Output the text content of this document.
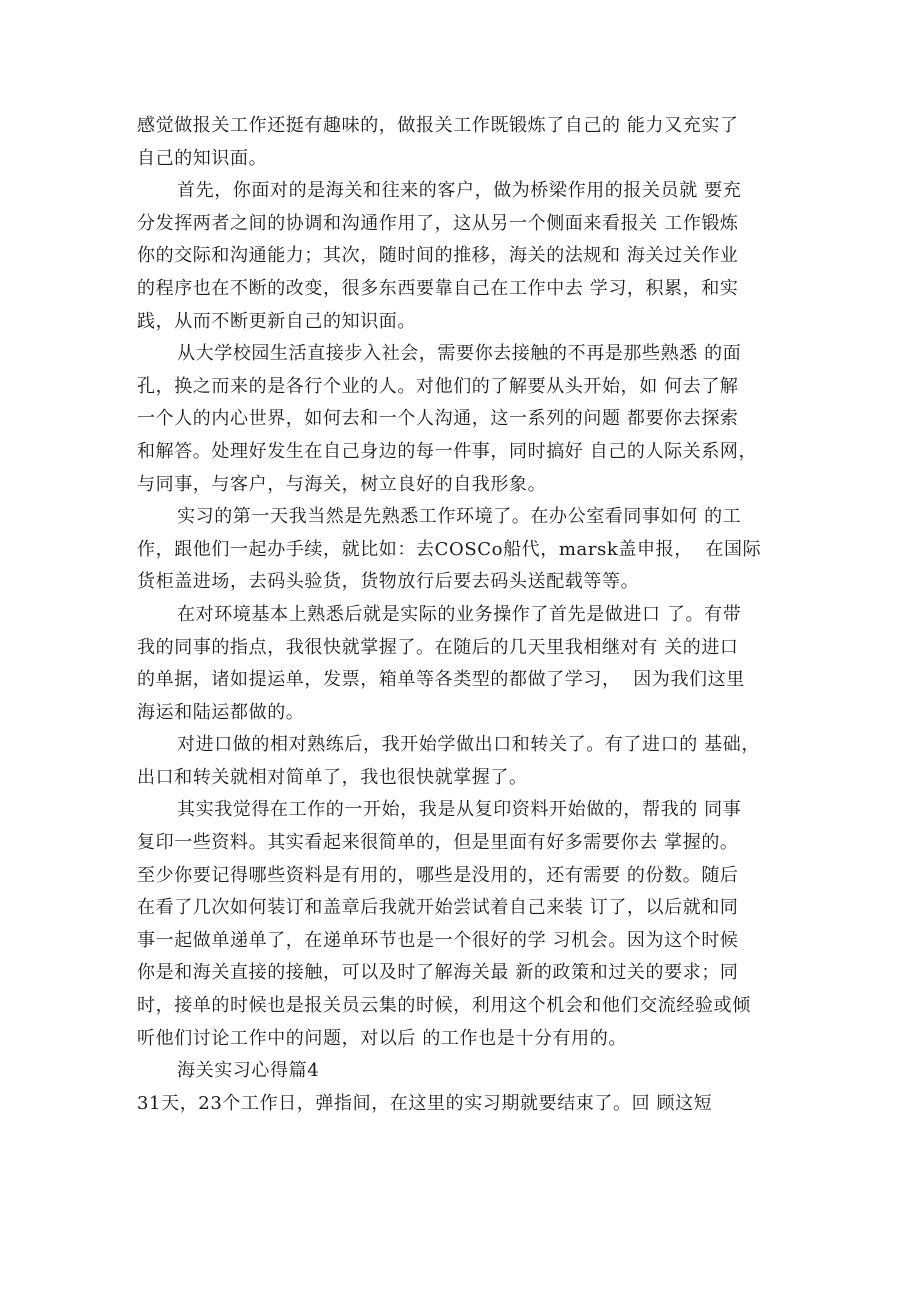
感觉做报关工作还挺有趣味的，做报关工作既锻炼了自己的 能力又充实了
自己的知识面。
首先，你面对的是海关和往来的客户，做为桥梁作用的报关员就 要充
分发挥两者之间的协调和沟通作用了，这从另一个侧面来看报关 工作锻炼
你的交际和沟通能力；其次，随时间的推移，海关的法规和 海关过关作业
的程序也在不断的改变，很多东西要靠自己在工作中去 学习，积累，和实
践，从而不断更新自己的知识面。
从大学校园生活直接步入社会，需要你去接触的不再是那些熟悉 的面
孔，换之而来的是各行个业的人。对他们的了解要从头开始，如 何去了解
一个人的内心世界，如何去和一个人沟通，这一系列的问题 都要你去探索
和解答。处理好发生在自己身边的每一件事，同时搞好 自己的人际关系网，
与同事，与客户，与海关，树立良好的自我形象。
实习的第一天我当然是先熟悉工作环境了。在办公室看同事如何 的工
作，跟他们一起办手续，就比如：去COSCo船代，marsk盖申报，  在国际
货柜盖进场，去码头验货，货物放行后要去码头送配载等等。
在对环境基本上熟悉后就是实际的业务操作了首先是做进口 了。有带
我的同事的指点，我很快就掌握了。在随后的几天里我相继对有 关的进口
的单据，诸如提运单，发票，箱单等各类型的都做了学习，  因为我们这里
海运和陆运都做的。
对进口做的相对熟练后，我开始学做出口和转关了。有了进口的 基础，
出口和转关就相对简单了，我也很快就掌握了。
其实我觉得在工作的一开始，我是从复印资料开始做的，帮我的 同事
复印一些资料。其实看起来很简单的，但是里面有好多需要你去 掌握的。
至少你要记得哪些资料是有用的，哪些是没用的，还有需要 的份数。随后
在看了几次如何装订和盖章后我就开始尝试着自己来装 订了，以后就和同
事一起做单递单了，在递单环节也是一个很好的学 习机会。因为这个时候
你是和海关直接的接触，可以及时了解海关最 新的政策和过关的要求；同
时，接单的时候也是报关员云集的时候，利用这个机会和他们交流经验或倾
听他们讨论工作中的问题，对以后 的工作也是十分有用的。
海关实习心得篇4
31天，23个工作日，弹指间，在这里的实习期就要结束了。回 顾这短
